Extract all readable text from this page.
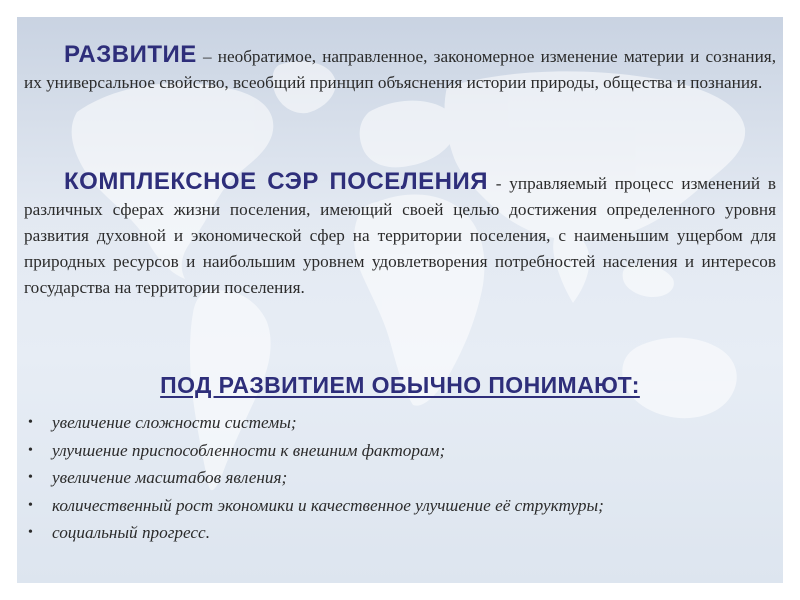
РАЗВИТИЕ – необратимое, направленное, закономерное изменение материи и сознания, их универсальное свойство, всеобщий принцип объяснения истории природы, общества и познания.

КОМПЛЕКСНОЕ СЭР ПОСЕЛЕНИЯ - управляемый процесс изменений в различных сферах жизни поселения, имеющий своей целью достижения определенного уровня развития духовной и экономической сфер на территории поселения, с наименьшим ущербом для природных ресурсов и наибольшим уровнем удовлетворения потребностей населения и интересов государства на территории поселения.

ПОД РАЗВИТИЕМ ОБЫЧНО ПОНИМАЮТ:
• увеличение сложности системы;
• улучшение приспособленности к внешним факторам;
• увеличение масштабов явления;
• количественный рост экономики и качественное улучшение её структуры;
• социальный прогресс.
